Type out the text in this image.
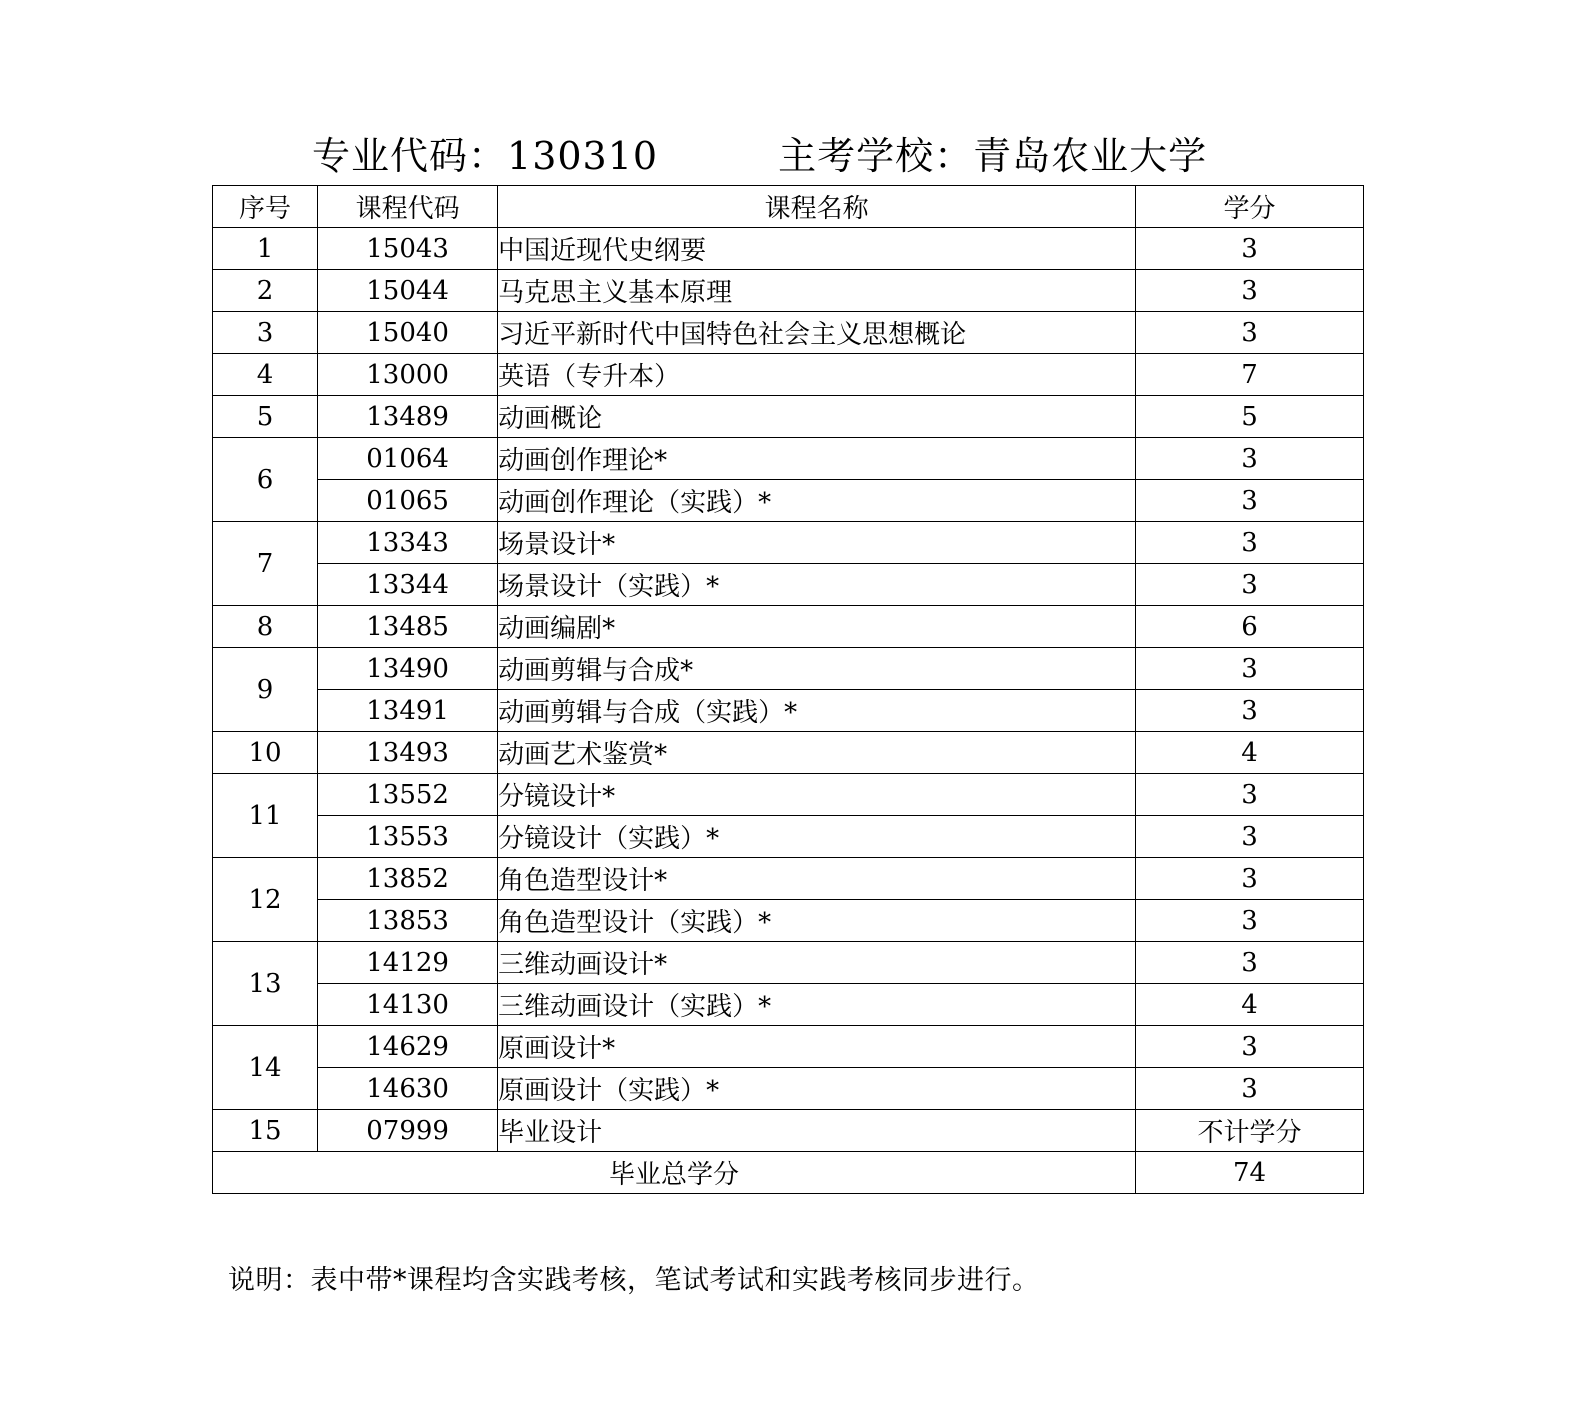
专业代码： 130310	主考学校： 青岛农业大学
序号	课程代码	课程名称	学分
1	15043	中国近现代史纲要	3
2	15044	马克思主义基本原理	3
3	15040	习近平新时代中国特色社会主义思想概论	3
4	13000	英语（专升本）	7
5	13489	动画概论	5
6	01064	动画创作理论*	3
	01065	动画创作理论（实践）*	3
7	13343	场景设计*	3
	13344	场景设计（实践）*	3
8	13485	动画编剧*	6
9	13490	动画剪辑与合成*	3
	13491	动画剪辑与合成（实践）*	3
10	13493	动画艺术鉴赏*	4
11	13552	分镜设计*	3
	13553	分镜设计（实践）*	3
12	13852	角色造型设计*	3
	13853	角色造型设计（实践）*	3
13	14129	三维动画设计*	3
	14130	三维动画设计（实践）*	4
14	14629	原画设计*	3
	14630	原画设计（实践）*	3
15	07999	毕业设计	不计学分
毕业总学分			74
说明：表中带*课程均含实践考核，笔试考试和实践考核同步进行。
